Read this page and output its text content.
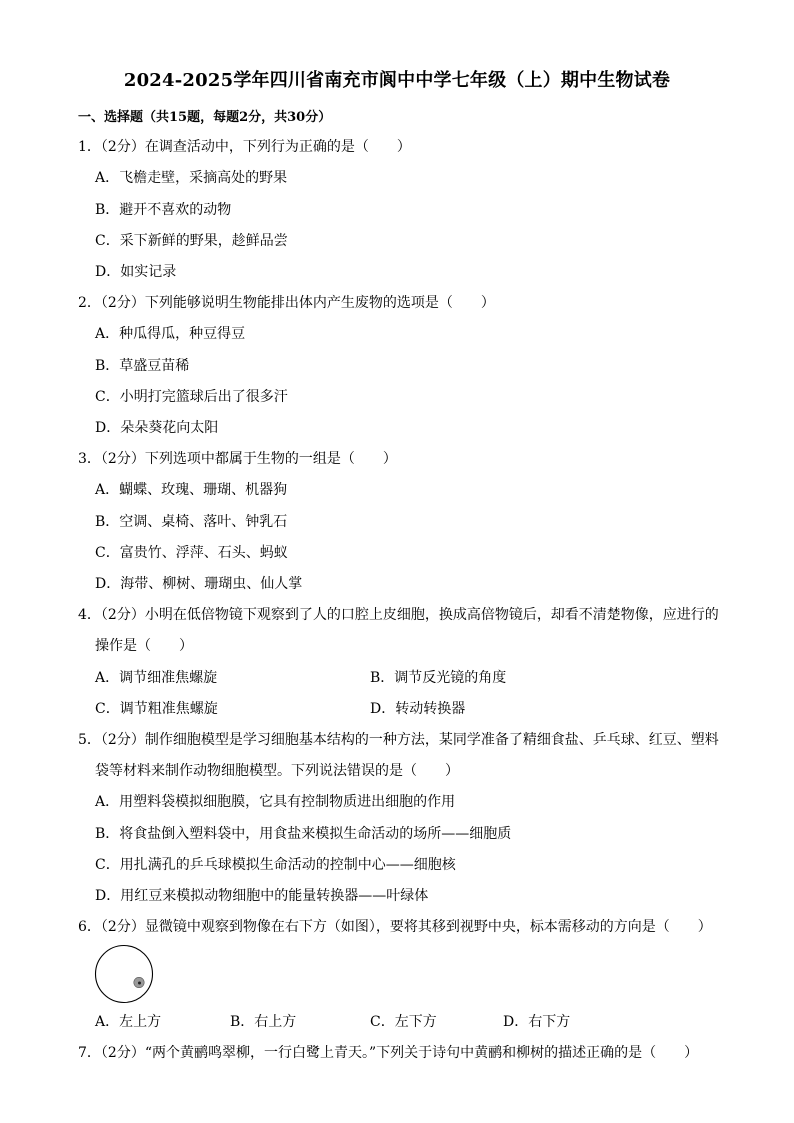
2024-2025学年四川省南充市阆中中学七年级（上）期中生物试卷
一、选择题（共15题，每题2分，共30分）
1．（2分）在调查活动中，下列行为正确的是（　　）
A．飞檐走壁，采摘高处的野果
B．避开不喜欢的动物
C．采下新鲜的野果，趁鲜品尝
D．如实记录
2．（2分）下列能够说明生物能排出体内产生废物的选项是（　　）
A．种瓜得瓜，种豆得豆
B．草盛豆苗稀
C．小明打完篮球后出了很多汗
D．朵朵葵花向太阳
3．（2分）下列选项中都属于生物的一组是（　　）
A．蝴蝶、玫瑰、珊瑚、机器狗
B．空调、桌椅、落叶、钟乳石
C．富贵竹、浮萍、石头、蚂蚁
D．海带、柳树、珊瑚虫、仙人掌
4．（2分）小明在低倍物镜下观察到了人的口腔上皮细胞，换成高倍物镜后，却看不清楚物像，应进行的
操作是（　　）
A．调节细准焦螺旋	B．调节反光镜的角度
C．调节粗准焦螺旋	D．转动转换器
5．（2分）制作细胞模型是学习细胞基本结构的一种方法，某同学准备了精细食盐、乒乓球、红豆、塑料
袋等材料来制作动物细胞模型。下列说法错误的是（　　）
A．用塑料袋模拟细胞膜，它具有控制物质进出细胞的作用
B．将食盐倒入塑料袋中，用食盐来模拟生命活动的场所——细胞质
C．用扎满孔的乒乓球模拟生命活动的控制中心——细胞核
D．用红豆来模拟动物细胞中的能量转换器——叶绿体
6．（2分）显微镜中观察到物像在右下方（如图），要将其移到视野中央，标本需移动的方向是（　　）
A．左上方	B．右上方	C．左下方	D．右下方
7．（2分）“两个黄鹂鸣翠柳，一行白鹭上青天。”下列关于诗句中黄鹂和柳树的描述正确的是（　　）
